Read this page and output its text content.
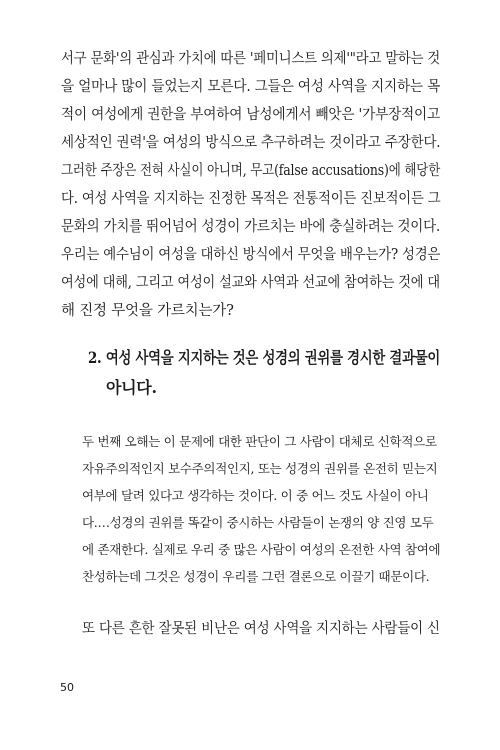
서구 문화'의 관심과 가치에 따른 '페미니스트 의제'"라고 말하는 것
을 얼마나 많이 들었는지 모른다. 그들은 여성 사역을 지지하는 목
적이 여성에게 권한을 부여하여 남성에게서 빼앗은 '가부장적이고
세상적인 권력'을 여성의 방식으로 추구하려는 것이라고 주장한다.
그러한 주장은 전혀 사실이 아니며, 무고(false accusations)에 해당한
다. 여성 사역을 지지하는 진정한 목적은 전통적이든 진보적이든 그
문화의 가치를 뛰어넘어 성경이 가르치는 바에 충실하려는 것이다.
우리는 예수님이 여성을 대하신 방식에서 무엇을 배우는가? 성경은
여성에 대해, 그리고 여성이 설교와 사역과 선교에 참여하는 것에 대
해 진정 무엇을 가르치는가?
2. 여성 사역을 지지하는 것은 성경의 권위를 경시한 결과물이
아니다.
두 번째 오해는 이 문제에 대한 판단이 그 사람이 대체로 신학적으로
자유주의적인지 보수주의적인지, 또는 성경의 권위를 온전히 믿는지
여부에 달려 있다고 생각하는 것이다. 이 중 어느 것도 사실이 아니
다.…성경의 권위를 똑같이 중시하는 사람들이 논쟁의 양 진영 모두
에 존재한다. 실제로 우리 중 많은 사람이 여성의 온전한 사역 참여에
찬성하는데 그것은 성경이 우리를 그런 결론으로 이끌기 때문이다.
또 다른 흔한 잘못된 비난은 여성 사역을 지지하는 사람들이 신
50
